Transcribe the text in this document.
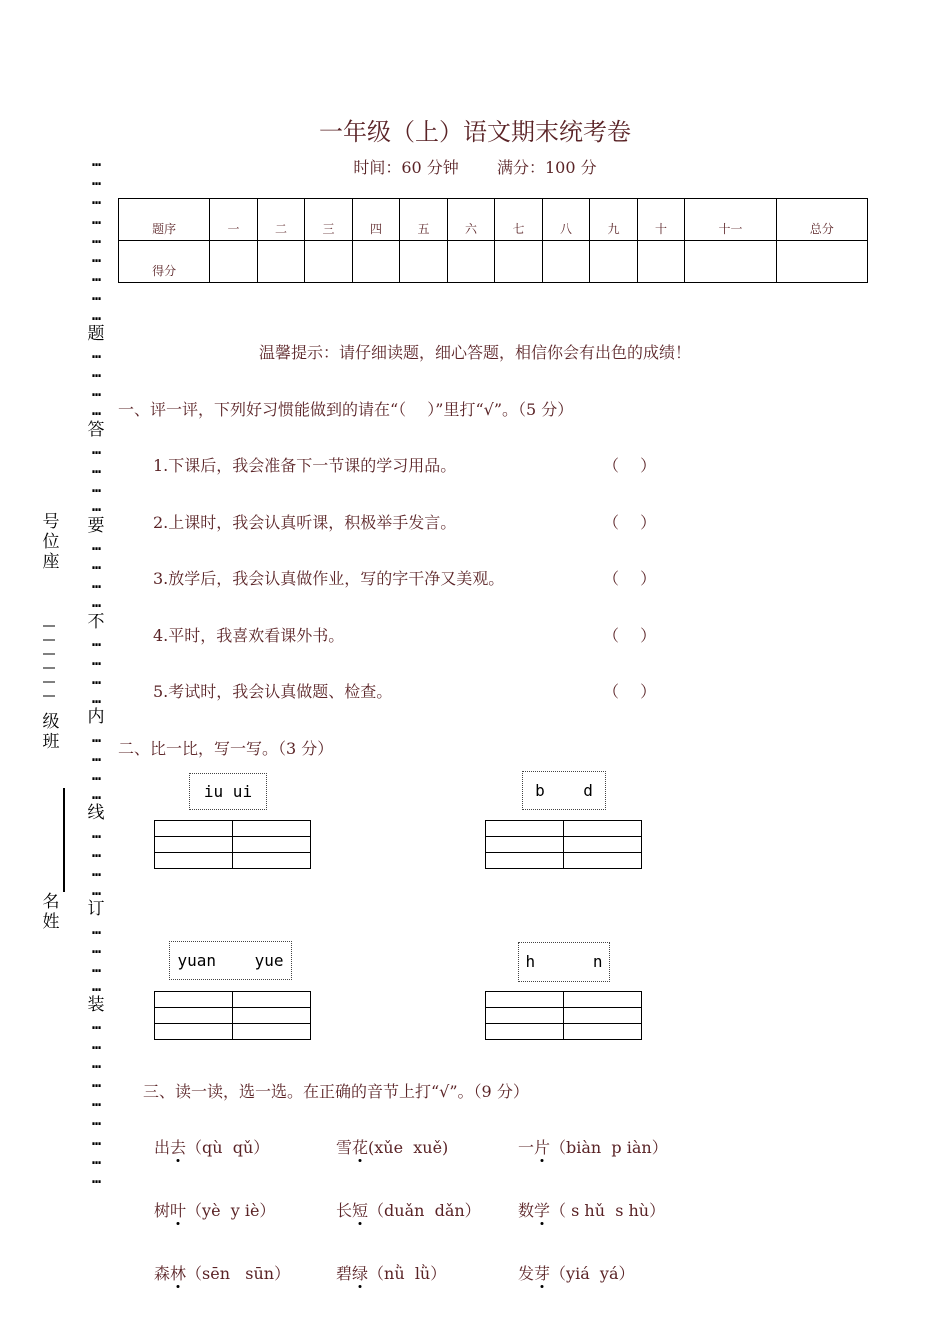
…
…
…
…
…
…
…
…
…
题
…
…
…
…
答
…
…
…
…
要
…
…
…
…
不
…
…
…
…
内
…
…
…
…
线
…
…
…
…
订
…
…
…
…
装
…
…
…
…
…
…
…
…
…
号位座
级班
名姓
一年级（上）语文期末统考卷
时间：60 分钟 满分：100 分
题序	一	二	三	四	五	六	七	八	九	十	十一	总分
得分												
温馨提示：请仔细读题，细心答题，相信你会有出色的成绩！
一、评一评，下列好习惯能做到的请在“（　 ）”里打“√”。（5 分）
1.下课后，我会准备下一节课的学习用品。	（　 ）
2.上课时，我会认真听课，积极举手发言。	（　 ）
3.放学后，我会认真做作业，写的字干净又美观。	（　 ）
4.平时，我喜欢看课外书。	（　 ）
5.考试时，我会认真做题、检查。	（　 ）
二、比一比，写一写。（3 分）
iu ui	b    d
yuan    yue	h      n

三、读一读，选一选。在正确的音节上打“√”。（9 分）
出去（qù  qǔ）	雪花(xǔe  xuě)	一片（biàn  p iàn）
树叶（yè  y iè）	长短（duǎn  dǎn） 数学（ s hǔ  s hù）
森林（sēn   sūn）	碧绿（nǜ  lǜ）	发芽（yiá  yá）
